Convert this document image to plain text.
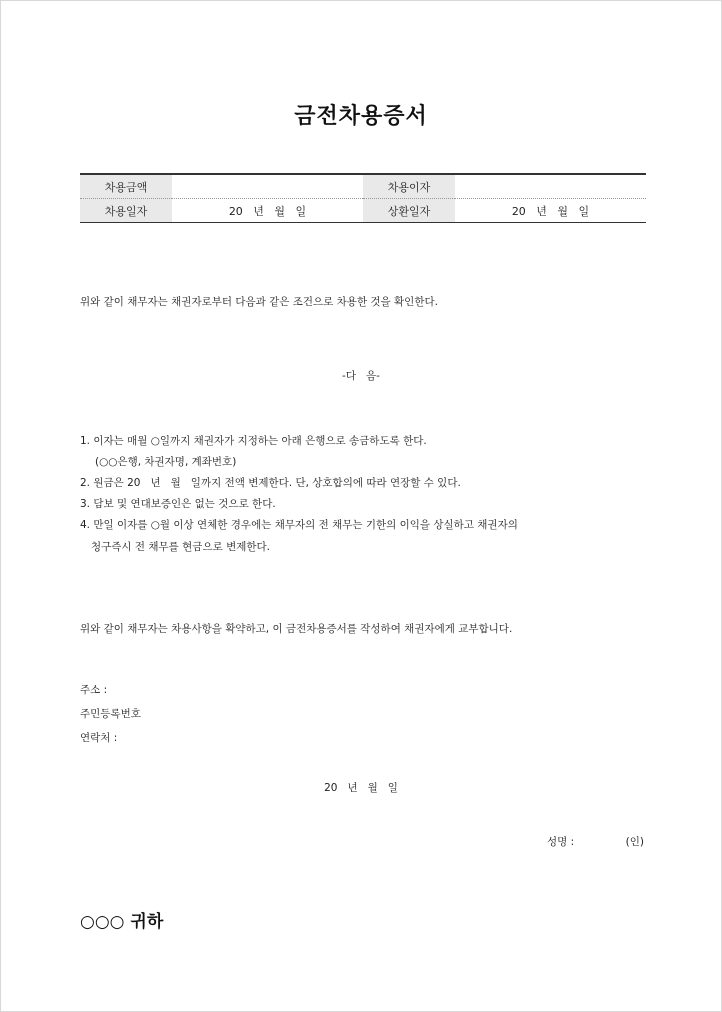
금전차용증서
차용금액		차용이자	
차용일자	20   년   월   일	상환일자	20   년   월   일
위와 같이 채무자는 채권자로부터 다음과 같은 조건으로 차용한 것을 확인한다.
-다   음-
1. 이자는 매월 ○일까지 채권자가 지정하는 아래 은행으로 송금하도록 한다.
(○○은행, 차권자명, 계좌번호)
2. 원금은 20   년   월   일까지 전액 변제한다. 단, 상호합의에 따라 연장할 수 있다.
3. 담보 및 연대보증인은 없는 것으로 한다.
4. 만일 이자를 ○월 이상 연체한 경우에는 채무자의 전 채무는 기한의 이익을 상실하고 채권자의
청구즉시 전 채무를 현금으로 변제한다.
위와 같이 채무자는 차용사항을 확약하고, 이 금전차용증서를 작성하여 채권자에게 교부합니다.
주소 :
주민등록번호
연락처 :
20   년   월   일
성명 :	(인)
○○○ 귀하
